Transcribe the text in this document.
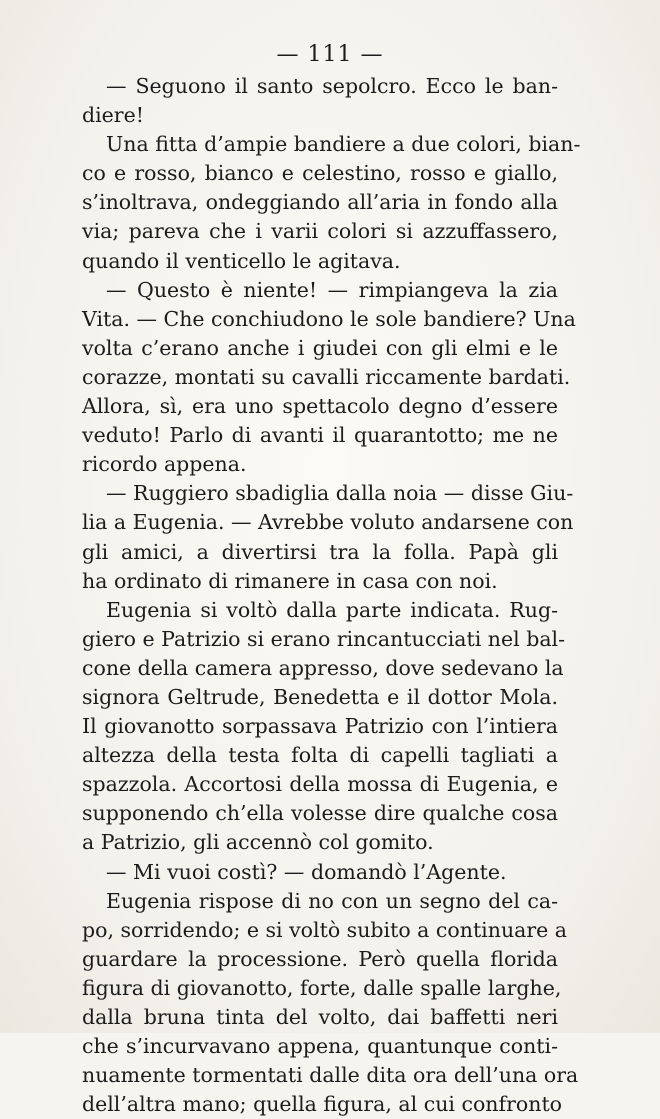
— 111 —
— Seguono il santo sepolcro. Ecco le ban-
diere!
Una fitta d’ampie bandiere a due colori, bian-
co e rosso, bianco e celestino, rosso e giallo,
s’inoltrava, ondeggiando all’aria in fondo alla
via; pareva che i varii colori si azzuffassero,
quando il venticello le agitava.
— Questo è niente! — rimpiangeva la zia
Vita. — Che conchiudono le sole bandiere? Una
volta c’erano anche i giudei con gli elmi e le
corazze, montati su cavalli riccamente bardati.
Allora, sì, era uno spettacolo degno d’essere
veduto! Parlo di avanti il quarantotto; me ne
ricordo appena.
— Ruggiero sbadiglia dalla noia — disse Giu-
lia a Eugenia. — Avrebbe voluto andarsene con
gli amici, a divertirsi tra la folla. Papà gli
ha ordinato di rimanere in casa con noi.
Eugenia si voltò dalla parte indicata. Rug-
giero e Patrizio si erano rincantucciati nel bal-
cone della camera appresso, dove sedevano la
signora Geltrude, Benedetta e il dottor Mola.
Il giovanotto sorpassava Patrizio con l’intiera
altezza della testa folta di capelli tagliati a
spazzola. Accortosi della mossa di Eugenia, e
supponendo ch’ella volesse dire qualche cosa
a Patrizio, gli accennò col gomito.
— Mi vuoi costì? — domandò l’Agente.
Eugenia rispose di no con un segno del ca-
po, sorridendo; e si voltò subito a continuare a
guardare la processione. Però quella florida
figura di giovanotto, forte, dalle spalle larghe,
dalla bruna tinta del volto, dai baffetti neri
che s’incurvavano appena, quantunque conti-
nuamente tormentati dalle dita ora dell’una ora
dell’altra mano; quella figura, al cui confronto
